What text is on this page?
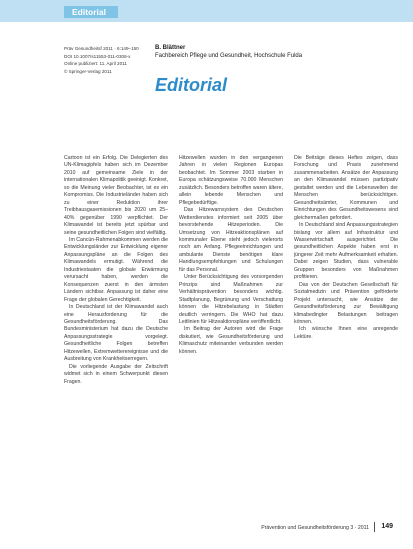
Editorial
Präv Gesundheitsf 2011 · 6:149–150
DOI 10.1007/s11553-011-0306-x
Online publiziert: 11. April 2011
© Springer-Verlag 2011
B. Blättner
Fachbereich Pflege und Gesundheit, Hochschule Fulda
Editorial

Cartoon ist ein Erfolg. Die Delegierten des UN-Klimagipfels haben sich im Dezember 2010 auf gemeinsame Ziele in der internationalen Klimapolitik geeinigt. Konkret, so die Meinung vieler Beobachter, ist es ein Kompromiss. Die Industrieländer haben sich zu einer Reduktion ihrer Treibhausgasemissionen bis 2020 um 25–40% gegenüber 1990 verpflichtet. Der Klimawandel ist bereits jetzt spürbar und seine gesundheitlichen Folgen sind vielfältig.

Im Cancún-Rahmenabkommen werden die Entwicklungsländer zur Entwicklung eigener Anpassungspläne an die Folgen des Klimawandels ermutigt. Während die Industriestaaten die globale Erwärmung verursacht haben, werden die Konsequenzen zuerst in den ärmsten Ländern sichtbar. Anpassung ist daher eine Frage der globalen Gerechtigkeit.

In Deutschland ist der Klimawandel auch eine Herausforderung für die Gesundheitsförderung. Das Bundesministerium hat dazu die Deutsche Anpassungsstrategie vorgelegt. Gesundheitliche Folgen betreffen Hitzewellen, Extremwetterereignisse und die Ausbreitung von Krankheitserregern.

Die vorliegende Ausgabe der Zeitschrift widmet sich in einem Schwerpunkt diesen Fragen.

Hitzewellen wurden in den vergangenen Jahren in vielen Regionen Europas beobachtet. Im Sommer 2003 starben in Europa schätzungsweise 70.000 Menschen zusätzlich. Besonders betroffen waren ältere, allein lebende Menschen und Pflegebedürftige.

Das Hitzewarnsystem des Deutschen Wetterdienstes informiert seit 2005 über bevorstehende Hitzeperioden. Die Umsetzung von Hitzeaktionsplänen auf kommunaler Ebene steht jedoch vielerorts noch am Anfang. Pflegeeinrichtungen und ambulante Dienste benötigen klare Handlungsempfehlungen und Schulungen für das Personal.

Unter Berücksichtigung des vorsorgenden Prinzips sind Maßnahmen zur Verhältnisprävention besonders wichtig. Stadtplanung, Begrünung und Verschattung können die Hitzebelastung in Städten deutlich verringern. Die WHO hat dazu Leitlinien für Hitzeaktionspläne veröffentlicht.

Im Beitrag der Autoren wird die Frage diskutiert, wie Gesundheitsförderung und Klimaschutz miteinander verbunden werden können.

Die Beiträge dieses Heftes zeigen, dass Forschung und Praxis zunehmend zusammenarbeiten. Ansätze der Anpassung an den Klimawandel müssen partizipativ gestaltet werden und die Lebenswelten der Menschen berücksichtigen. Gesundheitsämter, Kommunen und Einrichtungen des Gesundheitswesens sind gleichermaßen gefordert.

In Deutschland sind Anpassungsstrategien bislang vor allem auf Infrastruktur und Wasserwirtschaft ausgerichtet. Die gesundheitlichen Aspekte haben erst in jüngerer Zeit mehr Aufmerksamkeit erhalten. Dabei zeigen Studien, dass vulnerable Gruppen besonders von Maßnahmen profitieren.

Das von der Deutschen Gesellschaft für Sozialmedizin und Prävention geförderte Projekt untersucht, wie Ansätze der Gesundheitsförderung zur Bewältigung klimabedingter Belastungen beitragen können.

Ich wünsche Ihnen eine anregende Lektüre.

Prävention und Gesundheitsförderung 3 · 2011 149
